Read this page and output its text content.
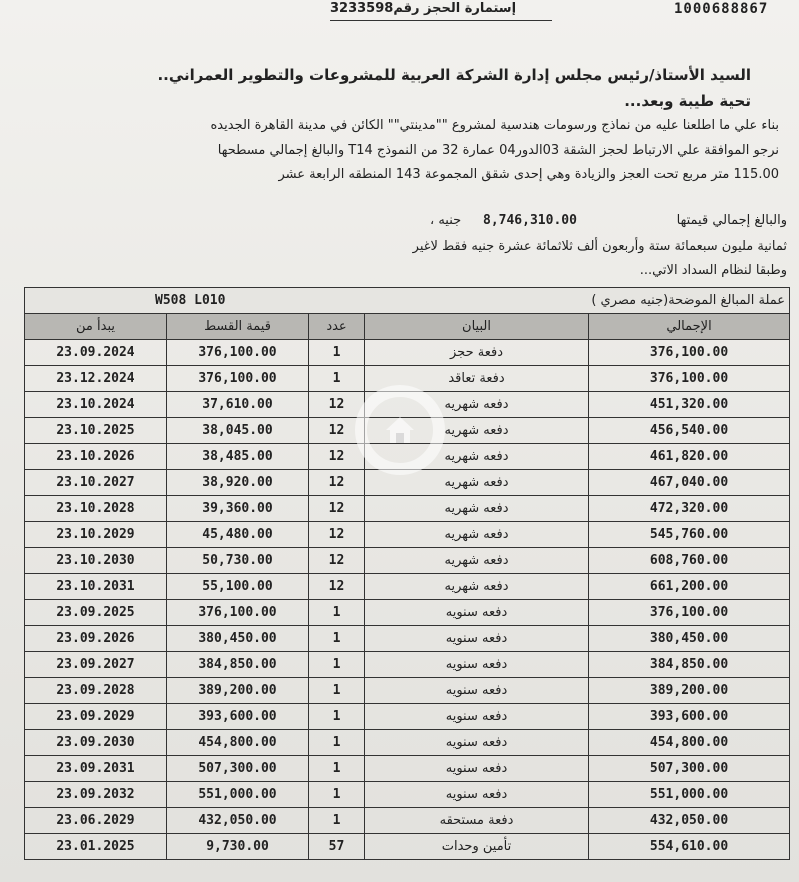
1000688867
إستمارة الحجز رقم3233598
السيد الأستاذ/رئيس مجلس إدارة الشركة العربية للمشروعات والتطوير العمراني..
تحية طيبة وبعد...
بناء علي ما اطلعنا عليه من نماذج ورسومات هندسية لمشروع ""مدينتي"" الكائن في مدينة القاهرة الجديده
نرجو الموافقة علي الارتباط لحجز الشقة 03الدور04 عمارة 32 من النموذج T14 والبالغ إجمالي مسطحها
115.00 متر مربع تحت العجز والزيادة وهي إحدى شقق المجموعة 143 المنطقه الرابعة عشر
والبالغ إجمالي قيمتها
8,746,310.00
جنيه ،
ثمانية مليون سبعمائة ستة وأربعون ألف ثلاثمائة عشرة جنيه فقط لاغير
وطبقا لنظام السداد الاتي...
W508 L010 عملة المبالغ الموضحة(جنيه مصري )				

يبدأ من	قيمة القسط	عدد	البيان	الإجمالي
23.09.2024	376,100.00	1	دفعة حجز	376,100.00
23.12.2024	376,100.00	1	دفعة تعاقد	376,100.00
23.10.2024	37,610.00	12	دفعه شهريه	451,320.00
23.10.2025	38,045.00	12	دفعه شهريه	456,540.00
23.10.2026	38,485.00	12	دفعه شهريه	461,820.00
23.10.2027	38,920.00	12	دفعه شهريه	467,040.00
23.10.2028	39,360.00	12	دفعه شهريه	472,320.00
23.10.2029	45,480.00	12	دفعه شهريه	545,760.00
23.10.2030	50,730.00	12	دفعه شهريه	608,760.00
23.10.2031	55,100.00	12	دفعه شهريه	661,200.00
23.09.2025	376,100.00	1	دفعه سنويه	376,100.00
23.09.2026	380,450.00	1	دفعه سنويه	380,450.00
23.09.2027	384,850.00	1	دفعه سنويه	384,850.00
23.09.2028	389,200.00	1	دفعه سنويه	389,200.00
23.09.2029	393,600.00	1	دفعه سنويه	393,600.00
23.09.2030	454,800.00	1	دفعه سنويه	454,800.00
23.09.2031	507,300.00	1	دفعه سنويه	507,300.00
23.09.2032	551,000.00	1	دفعه سنويه	551,000.00
23.06.2029	432,050.00	1	دفعة مستحقه	432,050.00
23.01.2025	9,730.00	57	تأمين وحدات	554,610.00
